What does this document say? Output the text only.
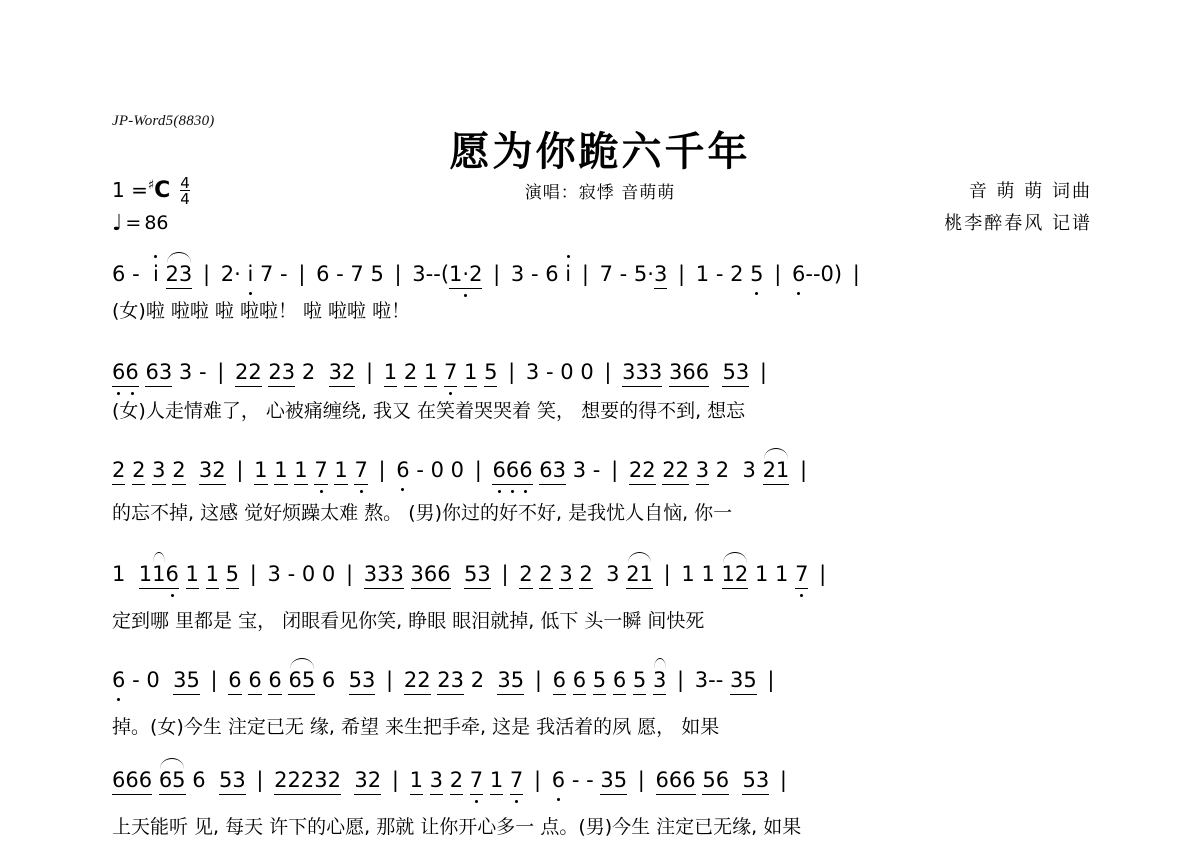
JP-Word5(8830)
愿为你跪六千年
演唱：寂悸 音萌萌	音 萌 萌 词曲
桃李醉春风 记谱
1 = ♯ C $\frac{4}{4}$
♩ = 86
6 - i 23 | 2· i 7 - | 6 - 7 5 | 3--(1·2 | 3 - 6 i | 7 - 5·3 | 1 - 2 5 | 6--0) |
(女)啦 啦啦 啦 啦啦！ 啦 啦啦 啦！
66 63 3 - | 22 23 2 32 | 1 2 1 7 1 5 | 3 - 0 0 | 333 366 53 |
(女)人走情难了， 心被痛缠绕, 我又 在笑着哭哭着 笑， 想要的得不到, 想忘
2 2 3 2 32 | 1 1 1 7 1 7 | 6 - 0 0 | 666 63 3 - | 22 22 3 2 3 21 |
的忘不掉, 这感 觉好烦躁太难 熬。 (男)你过的好不好, 是我忧人自恼, 你一
1 116 1 1 5 | 3 - 0 0 | 333 366 53 | 2 2 3 2 3 21 | 1 1 12 1 1 7 |
定到哪 里都是 宝， 闭眼看见你笑, 睁眼 眼泪就掉, 低下 头一瞬 间快死
6 - 0 35 | 6 6 6 65 6 53 | 22 23 2 35 | 6 6 5 6 5 3 | 3-- 35 |
掉。(女)今生 注定已无 缘, 希望 来生把手牵, 这是 我活着的夙 愿， 如果
666 65 6 53 | 22232 32 | 1 3 2 7 1 7 | 6 - - 35 | 666 56 53 |
上天能听 见, 每天 许下的心愿, 那就 让你开心多一 点。(男)今生 注定已无缘, 如果
